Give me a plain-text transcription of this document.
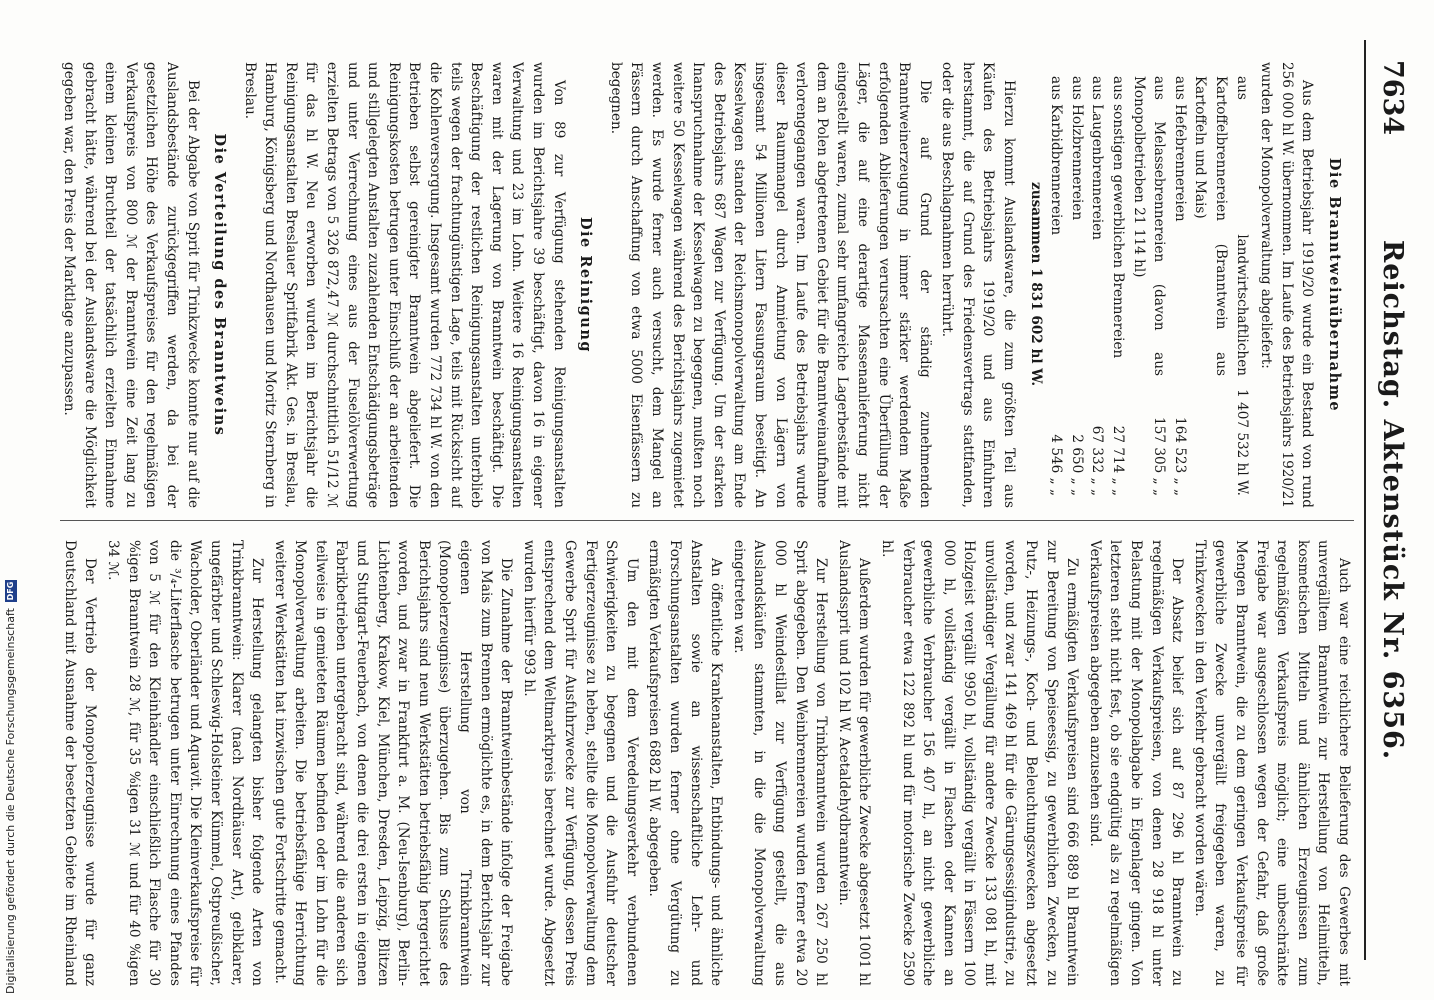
7634
Reichstag. Aktenstück Nr. 6356.
Die Branntweinübernahme

Aus dem Betriebsjahr 1919/20 wurde ein Bestand von rund 256 000 hl W. übernommen. Im Laufe des Betriebsjahrs 1920/21 wurden der Monopolverwaltung abgeliefert:

aus landwirtschaftlichen Kartoffelbrennereien (Branntwein aus Kartoffeln und Mais)
1 407 532 hl W.
aus Hefebrennereien
164 523 „ „
aus Melassebrennereien (davon aus Monopolbetrieben 21 114 hl)
157 305 „ „
aus sonstigen gewerblichen Brennereien
27 714 „ „
aus Laugenbrennereien
67 332 „ „
aus Holzbrennereien
2 650 „ „
aus Karbidbrennereien
4 546 „ „
zusammen 1 831 602 hl W.

Hierzu kommt Auslandsware, die zum größten Teil aus Käufen des Betriebsjahrs 1919/20 und aus Einfuhren herstammt, die auf Grund des Friedensvertrags stattfanden, oder die aus Beschlagnahmen herrührt.

Die auf Grund der ständig zunehmenden Branntweinerzeugung in immer stärker werdendem Maße erfolgenden Ablieferungen verursachten eine Überfüllung der Läger, die auf eine derartige Massenanlieferung nicht eingestellt waren, zumal sehr umfangreiche Lagerbestände mit dem an Polen abgetretenen Gebiet für die Branntweinaufnahme verlorengegangen waren. Im Laufe des Betriebsjahrs wurde dieser Raummangel durch Anmietung von Lägern von insgesamt 54 Millionen Litern Fassungsraum beseitigt. An Kesselwagen standen der Reichsmonopolverwaltung am Ende des Betriebsjahrs 687 Wagen zur Verfügung. Um der starken Inanspruchnahme der Kesselwagen zu begegnen, mußten noch weitere 50 Kesselwagen während des Berichtsjahrs zugemietet werden. Es wurde ferner auch versucht, dem Mangel an Fässern durch Anschaffung von etwa 5000 Eisenfässern zu begegnen.

Die Reinigung

Von 89 zur Verfügung stehenden Reinigungsanstalten wurden im Berichtsjahre 39 beschäftigt, davon 16 in eigener Verwaltung und 23 im Lohn. Weitere 16 Reinigungsanstalten waren mit der Lagerung von Branntwein beschäftigt. Die Beschäftigung der restlichen Reinigungsanstalten unterblieb teils wegen der frachtungünstigen Lage, teils mit Rücksicht auf die Kohlenversorgung. Insgesamt wurden 772 734 hl W. von den Betrieben selbst gereinigter Branntwein abgeliefert. Die Reinigungskosten betrugen unter Einschluß der an arbeitenden und stillgelegten Anstalten zuzahlenden Entschädigungsbeträge und unter Verrechnung eines aus der Fuselölverwertung erzielten Betrags von 5 326 872,47 ℳ durchschnittlich 51/12 ℳ für das hl W. Neu erworben wurden im Berichtsjahr die Reinigungsanstalten Breslauer Spritfabrik Akt. Ges. in Breslau, Hamburg, Königsberg und Nordhausen und Moritz Sternberg in Breslau.

Die Verteilung des Branntweins

Bei der Abgabe von Sprit für Trinkzwecke konnte nur auf die Auslandsbestände zurückgegriffen werden, da bei der gesetzlichen Höhe des Verkaufspreises für den regelmäßigen Verkaufspreis von 800 ℳ der Branntwein eine Zeit lang zu einem kleinen Bruchteil der tatsächlich erzielten Einnahme gebracht hätte, während bei der Auslandsware die Möglichkeit gegeben war, den Preis der Marktlage anzupassen.

Auch war eine reichlichere Belieferung des Gewerbes mit unvergälltem Branntwein zur Herstellung von Heilmitteln, kosmetischen Mitteln und ähnlichen Erzeugnissen zum regelmäßigen Verkaufspreis möglich; eine unbeschränkte Freigabe war ausgeschlossen wegen der Gefahr, daß große Mengen Branntwein, die zu dem geringen Verkaufspreise für gewerbliche Zwecke unvergällt freigegeben waren, zu Trinkzwecken in den Verkehr gebracht worden wären.

Der Absatz belief sich auf 87 296 hl Branntwein zu regelmäßigen Verkaufspreisen, von denen 28 918 hl unter Belastung mit der Monopolabgabe in Eigenlager gingen. Von letzteren steht nicht fest, ob sie endgültig als zu regelmäßigen Verkaufspreisen abgegeben anzusehen sind.

Zu ermäßigten Verkaufspreisen sind 666 889 hl Branntwein zur Bereitung von Speiseessig, zu gewerblichen Zwecken, zu Putz-, Heizungs-, Koch- und Beleuchtungszwecken abgesetzt worden, und zwar 141 469 hl für die Gärungsessigindustrie, zu unvollständiger Vergällung für andere Zwecke 133 081 hl, mit Holzgeist vergällt 9950 hl, vollständig vergällt in Fässern 100 000 hl, vollständig vergällt in Flaschen oder Kannen an gewerbliche Verbraucher 156 407 hl, an nicht gewerbliche Verbraucher etwa 122 892 hl und für motorische Zwecke 2590 hl.

Außerdem wurden für gewerbliche Zwecke abgesetzt 1001 hl Auslandssprit und 102 hl W. Acetaldehydbranntwein.

Zur Herstellung von Trinkbranntwein wurden 267 250 hl Sprit abgegeben. Den Weinbrennereien wurden ferner etwa 20 000 hl Weindestillat zur Verfügung gestellt, die aus Auslandskäufen stammten, in die die Monopolverwaltung eingetreten war.

An öffentliche Krankenanstalten, Entbindungs- und ähnliche Anstalten sowie an wissenschaftliche Lehr- und Forschungsanstalten wurden ferner ohne Vergütung zu ermäßigten Verkaufspreisen 6882 hl W. abgegeben.

Um den mit dem Veredelungsverkehr verbundenen Schwierigkeiten zu begegnen und die Ausfuhr deutscher Fertigerzeugnisse zu heben, stellte die Monopolverwaltung dem Gewerbe Sprit für Ausfuhrzwecke zur Verfügung, dessen Preis entsprechend dem Weltmarktpreis berechnet wurde. Abgesetzt wurden hierfür 993 hl.

Die Zunahme der Branntweinbestände infolge der Freigabe von Mais zum Brennen ermöglichte es, in dem Berichtsjahr zur eigenen Herstellung von Trinkbranntwein (Monopolerzeugnisse) überzugehen. Bis zum Schlusse des Berichtsjahrs sind neun Werkstätten betriebsfähig hergerichtet worden, und zwar in Frankfurt a. M. (Neu-Isenburg), Berlin-Lichtenberg, Krakow, Kiel, München, Dresden, Leipzig, Blitzen und Stuttgart-Feuerbach, von denen die drei ersten in eigenen Fabrikbetrieben untergebracht sind, während die anderen sich teilweise in gemieteten Räumen befinden oder im Lohn für die Monopolverwaltung arbeiten. Die betriebsfähige Herrichtung weiterer Werkstätten hat inzwischen gute Fortschritte gemacht.

Zur Herstellung gelangten bisher folgende Arten von Trinkbranntwein: Klarer (nach Nordhäuser Art), gelbklarer, ungefärbter und Schleswig-Holsteiner Kümmel, Ostpreußischer, Wacholder, Oberländer und Aquavit. Die Kleinverkaufspreise für die ³/₄-Literflasche betrugen unter Einrechnung eines Pfandes von 5 ℳ für den Kleinhändler einschließlich Flasche für 30 %igen Branntwein 28 ℳ, für 35 %igen 31 ℳ und für 40 %igen 34 ℳ.

Der Vertrieb der Monopolerzeugnisse wurde für ganz Deutschland mit Ausnahme der besetzten Gebiete im Rheinland

Digitalisierung gefördert durch die Deutsche Forschungsgemeinschaft
DFG
